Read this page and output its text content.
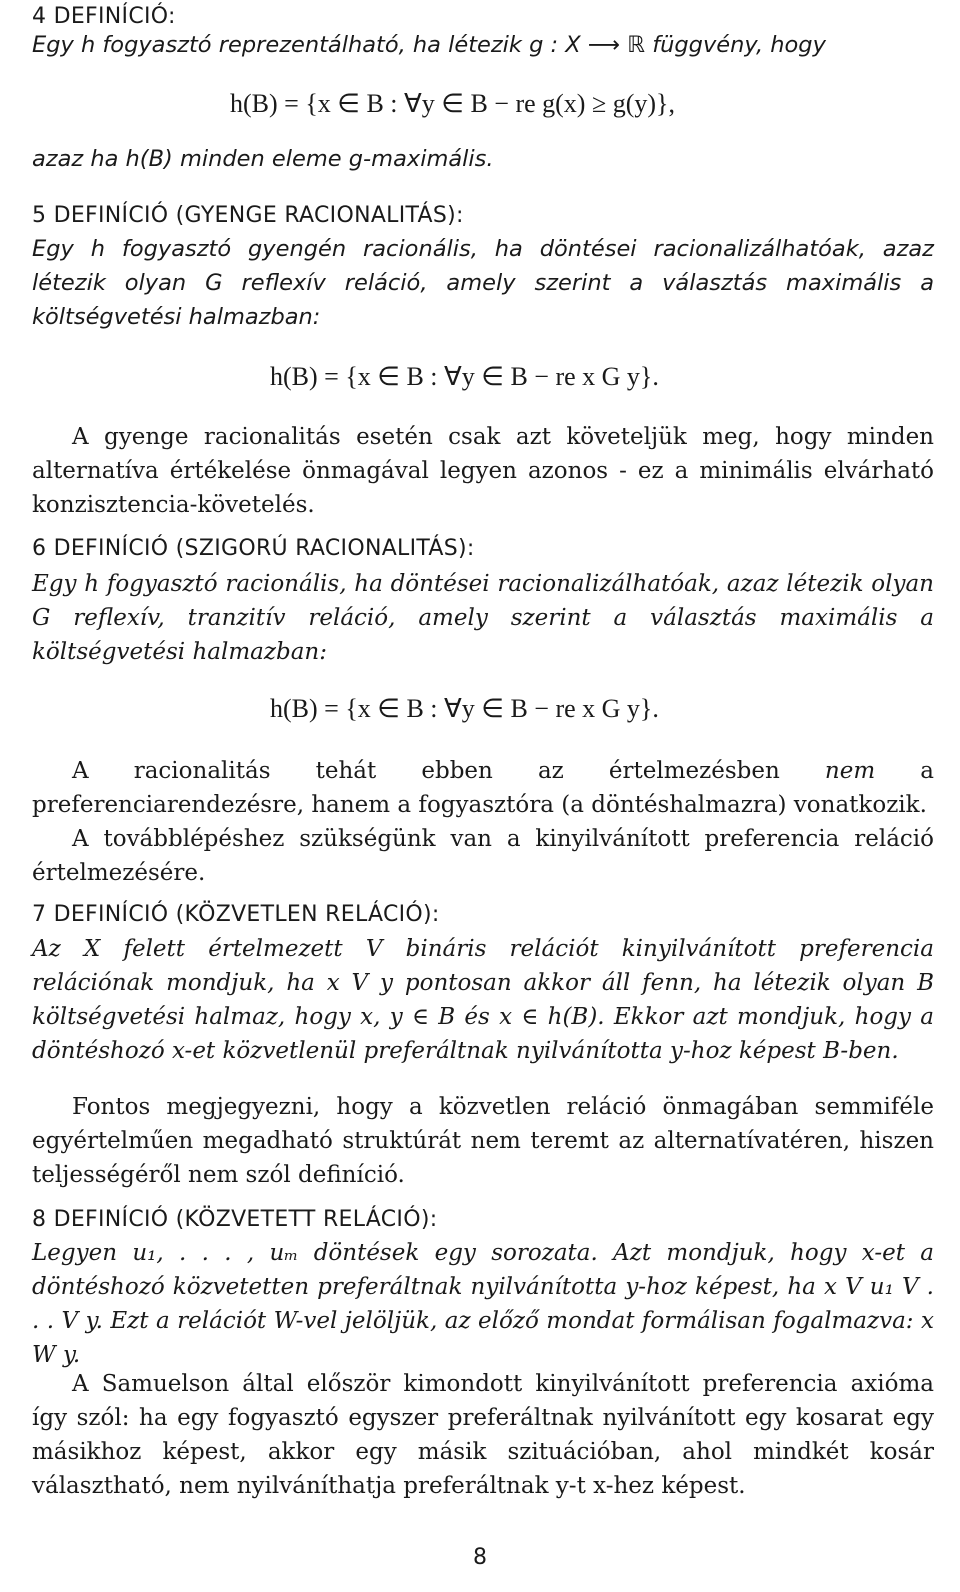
4 DEFINÍCIÓ:

Egy h fogyasztó reprezentálható, ha létezik g : X ⟶ ℝ függvény, hogy

h(B) = {x ∈ B : ∀y ∈ B − re g(x) ≥ g(y)},

azaz ha h(B) minden eleme g-maximális.

5 DEFINÍCIÓ (GYENGE RACIONALITÁS):

Egy h fogyasztó gyengén racionális, ha döntései racionalizálhatóak, azaz létezik olyan G reflexív reláció, amely szerint a választás maximális a költségvetési halmazban:

h(B) = {x ∈ B : ∀y ∈ B − re x G y}.

A gyenge racionalitás esetén csak azt követeljük meg, hogy minden alternatíva értékelése önmagával legyen azonos - ez a minimális elvárható konzisztencia-követelés.

6 DEFINÍCIÓ (SZIGORÚ RACIONALITÁS):

Egy h fogyasztó racionális, ha döntései racionalizálhatóak, azaz létezik olyan G reflexív, tranzitív reláció, amely szerint a választás maximális a költségvetési halmazban:

h(B) = {x ∈ B : ∀y ∈ B − re x G y}.

A racionalitás tehát ebben az értelmezésben nem a preferenciarendezésre, hanem a fogyasztóra (a döntéshalmazra) vonatkozik.

A továbblépéshez szükségünk van a kinyilvánított preferencia reláció értelmezésére.

7 DEFINÍCIÓ (KÖZVETLEN RELÁCIÓ):

Az X felett értelmezett V bináris relációt kinyilvánított preferencia relációnak mondjuk, ha x V y pontosan akkor áll fenn, ha létezik olyan B költségvetési halmaz, hogy x, y ∈ B és x ∈ h(B). Ekkor azt mondjuk, hogy a döntéshozó x-et közvetlenül preferáltnak nyilvánította y-hoz képest B-ben.

Fontos megjegyezni, hogy a közvetlen reláció önmagában semmiféle egyértelműen megadható struktúrát nem teremt az alternatívatéren, hiszen teljességéről nem szól definíció.

8 DEFINÍCIÓ (KÖZVETETT RELÁCIÓ):

Legyen u₁, . . . , uₘ döntések egy sorozata. Azt mondjuk, hogy x-et a döntéshozó közvetetten preferáltnak nyilvánította y-hoz képest, ha x V u₁ V . . . V y. Ezt a relációt W-vel jelöljük, az előző mondat formálisan fogalmazva: x W y.

A Samuelson által először kimondott kinyilvánított preferencia axióma így szól: ha egy fogyasztó egyszer preferáltnak nyilvánított egy kosarat egy másikhoz képest, akkor egy másik szituációban, ahol mindkét kosár választható, nem nyilváníthatja preferáltnak y-t x-hez képest.

8
